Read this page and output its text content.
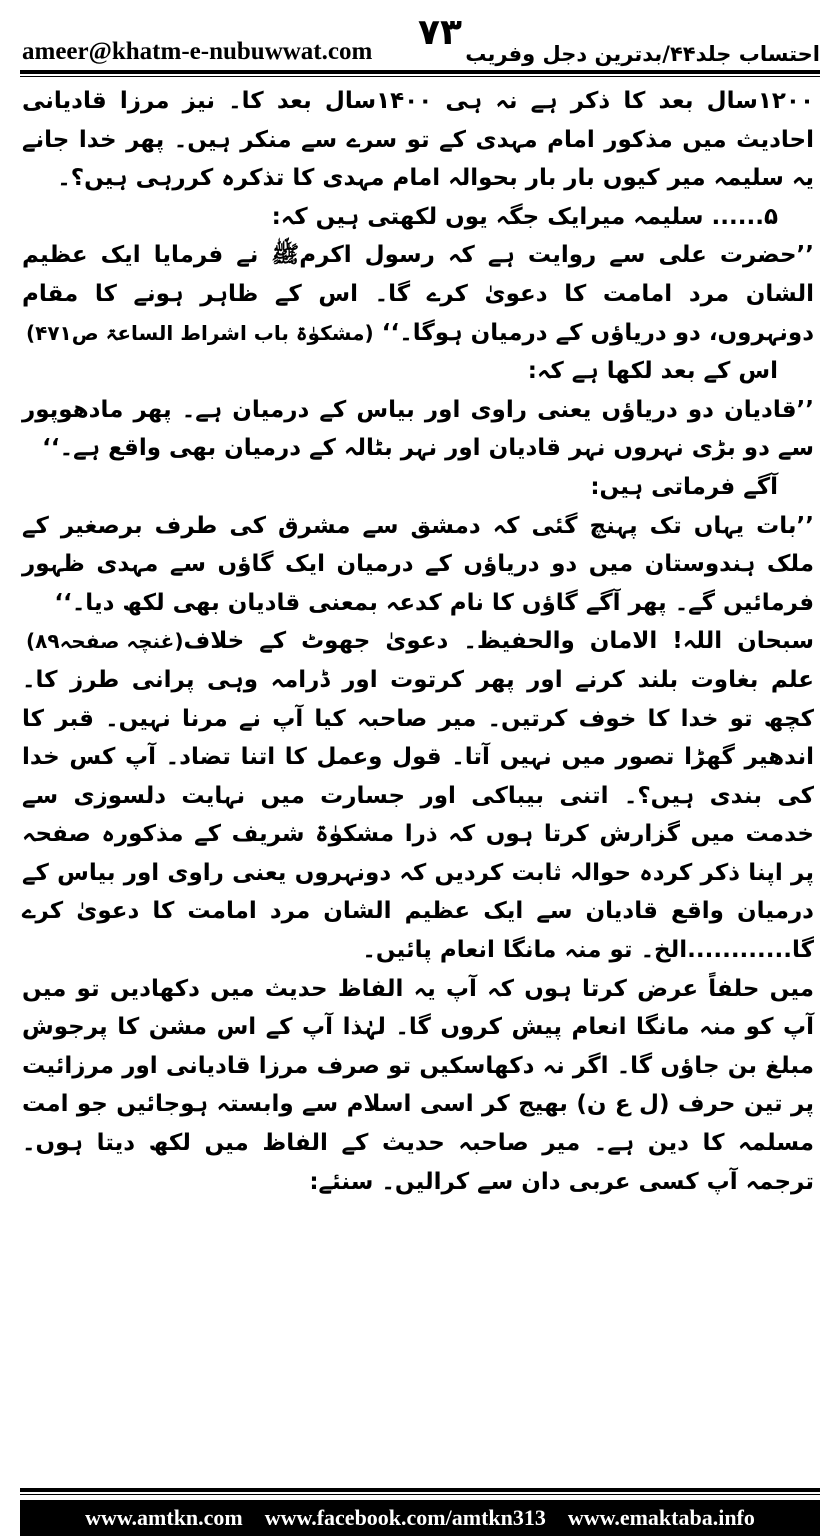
ameer@khatm-e-nubuwwat.com ۷۳
احتساب جلد۴۴/بدترین دجل وفریب

۱۲۰۰سال بعد کا ذکر ہے نہ ہی ۱۴۰۰سال بعد کا۔ نیز مرزا قادیانی احادیث میں مذکور امام مہدی کے تو سرے سے منکر ہیں۔ پھر خدا جانے یہ سلیمہ میر کیوں بار بار بحوالہ امام مہدی کا تذکرہ کررہی ہیں؟۔

۵...... سلیمہ میرایک جگہ یوں لکھتی ہیں کہ:

’’حضرت علی سے روایت ہے کہ رسول اکرمﷺ نے فرمایا ایک عظیم الشان مرد امامت کا دعویٰ کرے گا۔ اس کے ظاہر ہونے کا مقام دونہروں، دو دریاؤں کے درمیان ہوگا۔‘‘
(مشکوٰۃ باب اشراط الساعۃ ص۴۷۱)

اس کے بعد لکھا ہے کہ:

’’قادیان دو دریاؤں یعنی راوی اور بیاس کے درمیان ہے۔ پھر مادھوپور سے دو بڑی نہروں نہر قادیان اور نہر بٹالہ کے درمیان بھی واقع ہے۔‘‘

آگے فرماتی ہیں:

’’بات یہاں تک پہنچ گئی کہ دمشق سے مشرق کی طرف برصغیر کے ملک ہندوستان میں دو دریاؤں کے درمیان ایک گاؤں سے مہدی ظہور فرمائیں گے۔ پھر آگے گاؤں کا نام کدعہ بمعنی قادیان بھی لکھ دیا۔‘‘
(غنچہ صفحہ۸۹) سبحان اللہ! الامان والحفیظ۔ دعویٰ جھوٹ کے خلاف علم بغاوت بلند کرنے اور پھر کرتوت اور ڈرامہ وہی پرانی طرز کا۔ کچھ تو خدا کا خوف کرتیں۔ میر صاحبہ کیا آپ نے مرنا نہیں۔ قبر کا اندھیر گھڑا تصور میں نہیں آتا۔ قول وعمل کا اتنا تضاد۔ آپ کس خدا کی بندی ہیں؟۔ اتنی بیباکی اور جسارت میں نہایت دلسوزی سے خدمت میں گزارش کرتا ہوں کہ ذرا مشکوٰۃ شریف کے مذکورہ صفحہ پر اپنا ذکر کردہ حوالہ ثابت کردیں کہ دونہروں یعنی راوی اور بیاس کے درمیان واقع قادیان سے ایک عظیم الشان مرد امامت کا دعویٰ کرے گا............الخ۔ تو منہ مانگا انعام پائیں۔

میں حلفاً عرض کرتا ہوں کہ آپ یہ الفاظ حدیث میں دکھادیں تو میں آپ کو منہ مانگا انعام پیش کروں گا۔ لہٰذا آپ کے اس مشن کا پرجوش مبلغ بن جاؤں گا۔ اگر نہ دکھاسکیں تو صرف مرزا قادیانی اور مرزائیت پر تین حرف (ل ع ن) بھیج کر اسی اسلام سے وابستہ ہوجائیں جو امت مسلمہ کا دین ہے۔ میر صاحبہ حدیث کے الفاظ میں لکھ دیتا ہوں۔ ترجمہ آپ کسی عربی دان سے کرالیں۔ سنئے:

www.amtkn.com www.facebook.com/amtkn313 www.emaktaba.info
